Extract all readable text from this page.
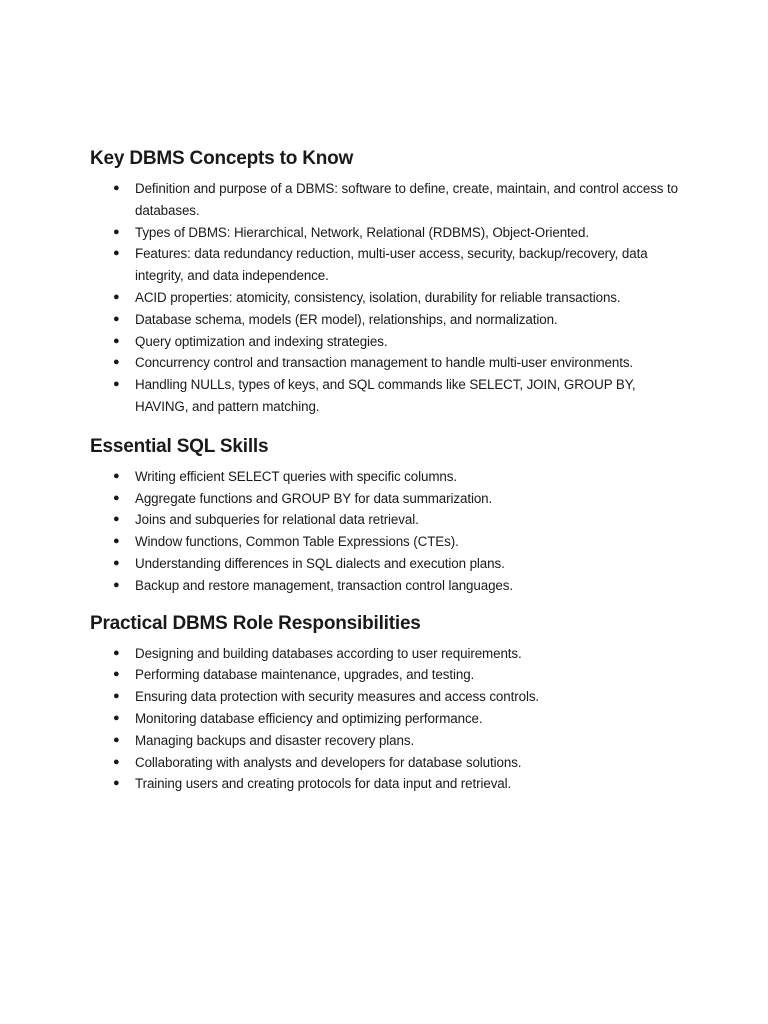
Key DBMS Concepts to Know
● Definition and purpose of a DBMS: software to define, create, maintain, and control access to databases.
● Types of DBMS: Hierarchical, Network, Relational (RDBMS), Object-Oriented.
● Features: data redundancy reduction, multi-user access, security, backup/recovery, data integrity, and data independence.
● ACID properties: atomicity, consistency, isolation, durability for reliable transactions.
● Database schema, models (ER model), relationships, and normalization.
● Query optimization and indexing strategies.
● Concurrency control and transaction management to handle multi-user environments.
● Handling NULLs, types of keys, and SQL commands like SELECT, JOIN, GROUP BY, HAVING, and pattern matching.
Essential SQL Skills
● Writing efficient SELECT queries with specific columns.
● Aggregate functions and GROUP BY for data summarization.
● Joins and subqueries for relational data retrieval.
● Window functions, Common Table Expressions (CTEs).
● Understanding differences in SQL dialects and execution plans.
● Backup and restore management, transaction control languages.
Practical DBMS Role Responsibilities
● Designing and building databases according to user requirements.
● Performing database maintenance, upgrades, and testing.
● Ensuring data protection with security measures and access controls.
● Monitoring database efficiency and optimizing performance.
● Managing backups and disaster recovery plans.
● Collaborating with analysts and developers for database solutions.
● Training users and creating protocols for data input and retrieval.
